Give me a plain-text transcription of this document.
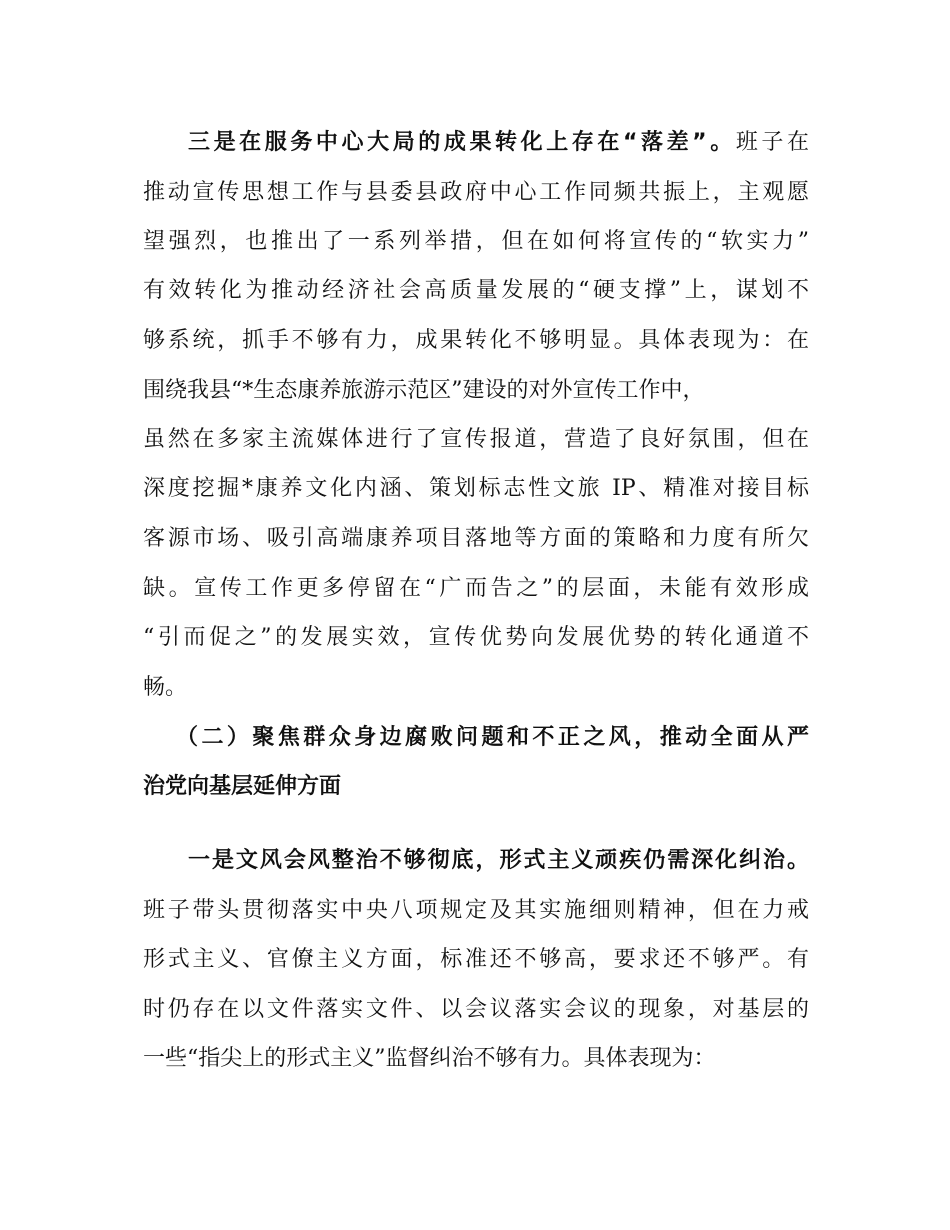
三是在服务中心大局的成果转化上存在“落差”。班子在
推动宣传思想工作与县委县政府中心工作同频共振上，主观愿
望强烈，也推出了一系列举措，但在如何将宣传的“软实力”
有效转化为推动经济社会高质量发展的“硬支撑”上，谋划不
够系统，抓手不够有力，成果转化不够明显。具体表现为：在
围绕我县“*生态康养旅游示范区”建设的对外宣传工作中，
虽然在多家主流媒体进行了宣传报道，营造了良好氛围，但在
深度挖掘*康养文化内涵、策划标志性文旅 IP、精准对接目标
客源市场、吸引高端康养项目落地等方面的策略和力度有所欠
缺。宣传工作更多停留在“广而告之”的层面，未能有效形成
“引而促之”的发展实效，宣传优势向发展优势的转化通道不
畅。
（二）聚焦群众身边腐败问题和不正之风，推动全面从严
治党向基层延伸方面
一是文风会风整治不够彻底，形式主义顽疾仍需深化纠治。
班子带头贯彻落实中央八项规定及其实施细则精神，但在力戒
形式主义、官僚主义方面，标准还不够高，要求还不够严。有
时仍存在以文件落实文件、以会议落实会议的现象，对基层的
一些“指尖上的形式主义”监督纠治不够有力。具体表现为：
